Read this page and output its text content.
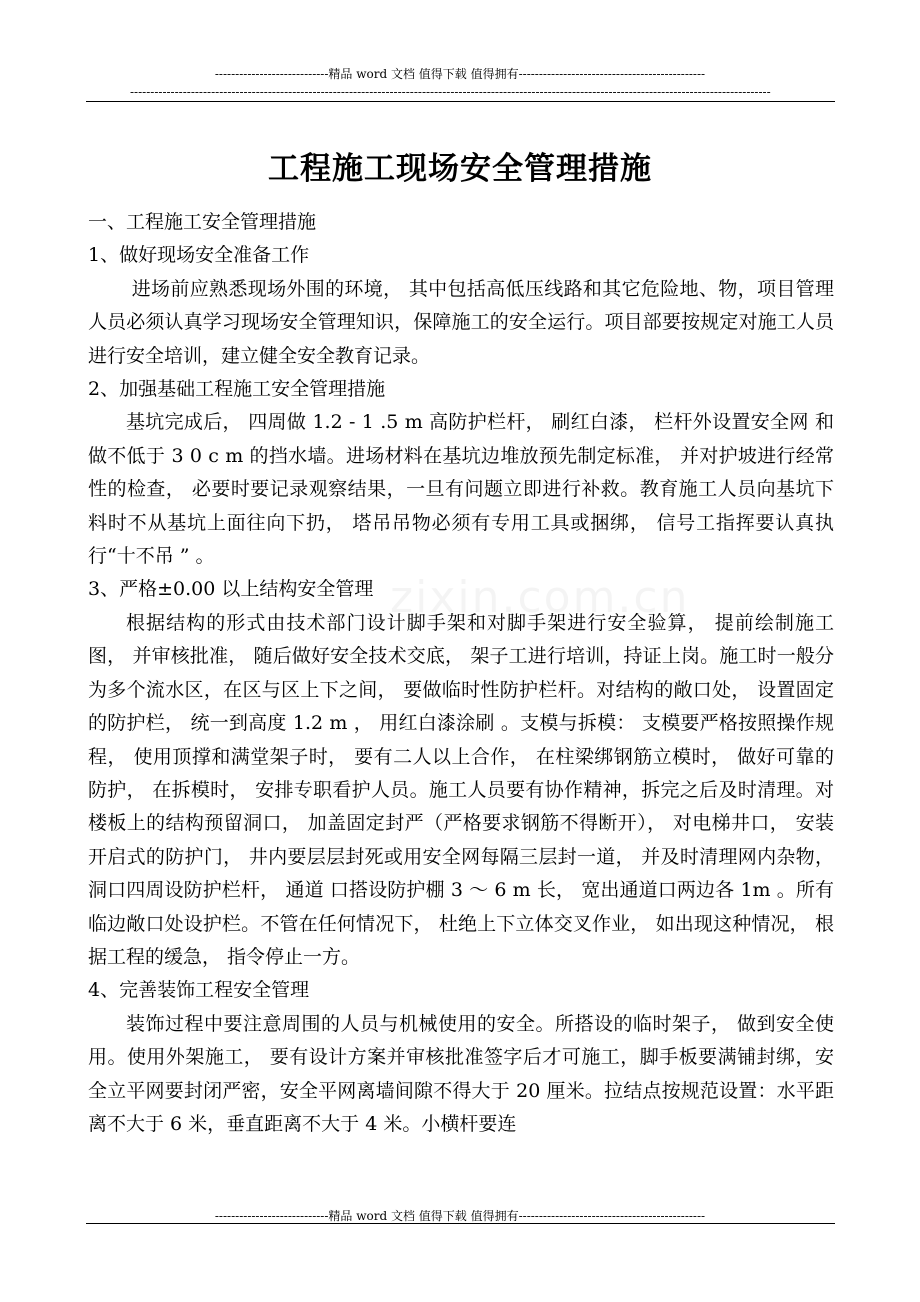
----------------------------精品 word 文档 值得下载 值得拥有----------------------------------------------
--------------------------------------------------------------------------------------------------------------------------------------------------------------
工程施工现场安全管理措施

一、工程施工安全管理措施

1、做好现场安全准备工作

进场前应熟悉现场外围的环境， 其中包括高低压线路和其它危险地、物，项目管理人员必须认真学习现场安全管理知识，保障施工的安全运行。项目部要按规定对施工人员进行安全培训，建立健全安全教育记录。

2、加强基础工程施工安全管理措施

基坑完成后， 四周做 1.2 - 1 .5 m 高防护栏杆， 刷红白漆， 栏杆外设置安全网 和做不低于 3 0 c m 的挡水墙。进场材料在基坑边堆放预先制定标准， 并对护坡进行经常性的检查， 必要时要记录观察结果，一旦有问题立即进行补救。教育施工人员向基坑下料时不从基坑上面往向下扔， 塔吊吊物必须有专用工具或捆绑， 信号工指挥要认真执行“十不吊 ” 。

3、严格±0.00 以上结构安全管理

根据结构的形式由技术部门设计脚手架和对脚手架进行安全验算， 提前绘制施工图， 并审核批准， 随后做好安全技术交底， 架子工进行培训，持证上岗。施工时一般分为多个流水区，在区与区上下之间， 要做临时性防护栏杆。对结构的敞口处， 设置固定的防护栏， 统一到高度 1.2 m ， 用红白漆涂刷 。支模与拆模： 支模要严格按照操作规程， 使用顶撑和满堂架子时， 要有二人以上合作， 在柱梁绑钢筋立模时， 做好可靠的防护， 在拆模时， 安排专职看护人员。施工人员要有协作精神，拆完之后及时清理。对楼板上的结构预留洞口， 加盖固定封严（严格要求钢筋不得断开）， 对电梯井口， 安装开启式的防护门， 井内要层层封死或用安全网每隔三层封一道， 并及时清理网内杂物， 洞口四周设防护栏杆， 通道 口搭设防护棚 3 ～ 6 m 长， 宽出通道口两边各 1m 。所有临边敞口处设护栏。不管在任何情况下， 杜绝上下立体交叉作业， 如出现这种情况， 根据工程的缓急， 指令停止一方。

4、完善装饰工程安全管理

装饰过程中要注意周围的人员与机械使用的安全。所搭设的临时架子， 做到安全使用。使用外架施工， 要有设计方案并审核批准签字后才可施工，脚手板要满铺封绑，安全立平网要封闭严密，安全平网离墙间隙不得大于 20 厘米。拉结点按规范设置：水平距离不大于 6 米，垂直距离不大于 4 米。小横杆要连

----------------------------精品 word 文档 值得下载 值得拥有----------------------------------------------
